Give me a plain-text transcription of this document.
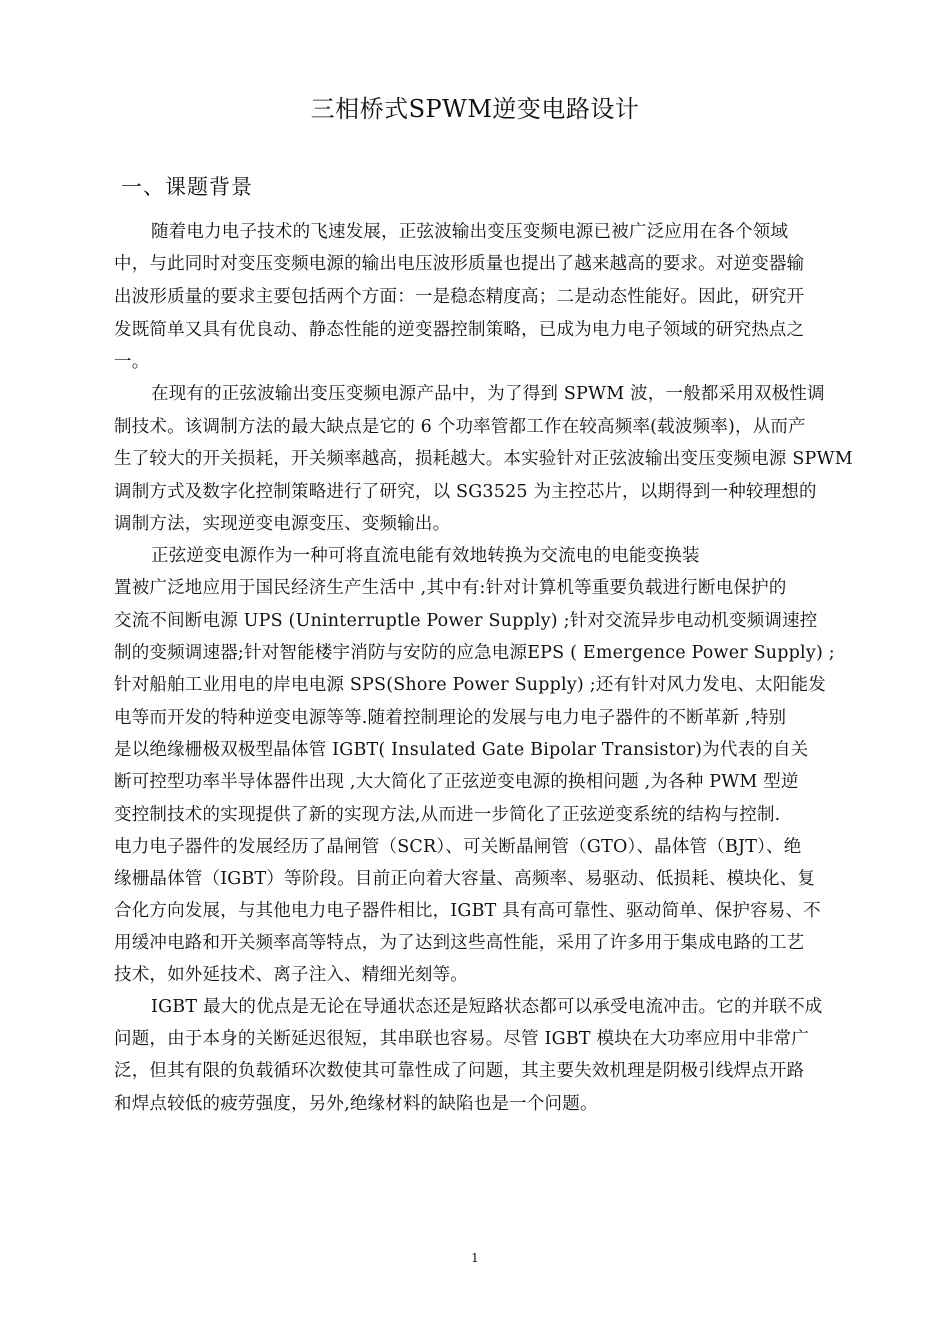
三相桥式SPWM逆变电路设计
一、课题背景
随着电力电子技术的飞速发展，正弦波输出变压变频电源已被广泛应用在各个领域
中，与此同时对变压变频电源的输出电压波形质量也提出了越来越高的要求。对逆变器输
出波形质量的要求主要包括两个方面：一是稳态精度高；二是动态性能好。因此，研究开
发既简单又具有优良动、静态性能的逆变器控制策略，已成为电力电子领域的研究热点之
一。
在现有的正弦波输出变压变频电源产品中，为了得到 SPWM 波，一般都采用双极性调
制技术。该调制方法的最大缺点是它的 6 个功率管都工作在较高频率(载波频率)，从而产
生了较大的开关损耗，开关频率越高，损耗越大。本实验针对正弦波输出变压变频电源 SPWM
调制方式及数字化控制策略进行了研究，以 SG3525 为主控芯片，以期得到一种较理想的
调制方法，实现逆变电源变压、变频输出。
正弦逆变电源作为一种可将直流电能有效地转换为交流电的电能变换装
置被广泛地应用于国民经济生产生活中 ,其中有:针对计算机等重要负载进行断电保护的
交流不间断电源 UPS (Uninterruptle Power Supply) ;针对交流异步电动机变频调速控
制的变频调速器;针对智能楼宇消防与安防的应急电源EPS ( Emergence Power Supply) ;
针对船舶工业用电的岸电电源 SPS(Shore Power Supply) ;还有针对风力发电、太阳能发
电等而开发的特种逆变电源等等.随着控制理论的发展与电力电子器件的不断革新 ,特别
是以绝缘栅极双极型晶体管 IGBT( Insulated Gate Bipolar Transistor)为代表的自关
断可控型功率半导体器件出现 ,大大简化了正弦逆变电源的换相问题 ,为各种 PWM 型逆
变控制技术的实现提供了新的实现方法,从而进一步简化了正弦逆变系统的结构与控制.
电力电子器件的发展经历了晶闸管（SCR）、可关断晶闸管（GTO）、晶体管（BJT）、绝
缘栅晶体管（IGBT）等阶段。目前正向着大容量、高频率、易驱动、低损耗、模块化、复
合化方向发展，与其他电力电子器件相比，IGBT 具有高可靠性、驱动简单、保护容易、不
用缓冲电路和开关频率高等特点，为了达到这些高性能，采用了许多用于集成电路的工艺
技术，如外延技术、离子注入、精细光刻等。
IGBT 最大的优点是无论在导通状态还是短路状态都可以承受电流冲击。它的并联不成
问题，由于本身的关断延迟很短，其串联也容易。尽管 IGBT 模块在大功率应用中非常广
泛，但其有限的负载循环次数使其可靠性成了问题，其主要失效机理是阴极引线焊点开路
和焊点较低的疲劳强度，另外,绝缘材料的缺陷也是一个问题。
1
